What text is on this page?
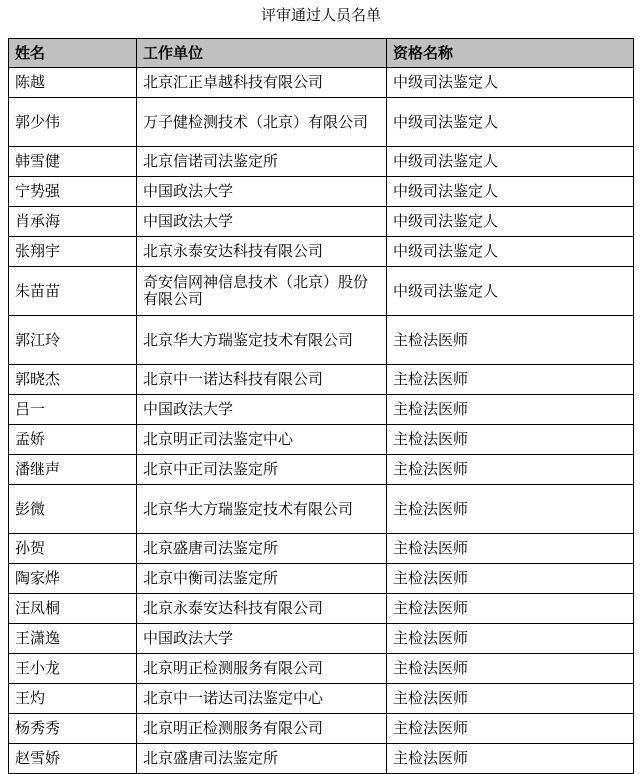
评审通过人员名单
姓名	工作单位	资格名称
陈越	北京汇正卓越科技有限公司	中级司法鉴定人
郭少伟	万子健检测技术（北京）有限公司	中级司法鉴定人
韩雪健	北京信诺司法鉴定所	中级司法鉴定人
宁势强	中国政法大学	中级司法鉴定人
肖承海	中国政法大学	中级司法鉴定人
张翔宇	北京永泰安达科技有限公司	中级司法鉴定人
朱苗苗	奇安信网神信息技术（北京）股份有限公司	中级司法鉴定人
郭江玲	北京华大方瑞鉴定技术有限公司	主检法医师
郭晓杰	北京中一诺达科技有限公司	主检法医师
吕一	中国政法大学	主检法医师
孟娇	北京明正司法鉴定中心	主检法医师
潘继声	北京中正司法鉴定所	主检法医师
彭微	北京华大方瑞鉴定技术有限公司	主检法医师
孙贺	北京盛唐司法鉴定所	主检法医师
陶家烨	北京中衡司法鉴定所	主检法医师
汪凤桐	北京永泰安达科技有限公司	主检法医师
王潇逸	中国政法大学	主检法医师
王小龙	北京明正检测服务有限公司	主检法医师
王灼	北京中一诺达司法鉴定中心	主检法医师
杨秀秀	北京明正检测服务有限公司	主检法医师
赵雪娇	北京盛唐司法鉴定所	主检法医师
